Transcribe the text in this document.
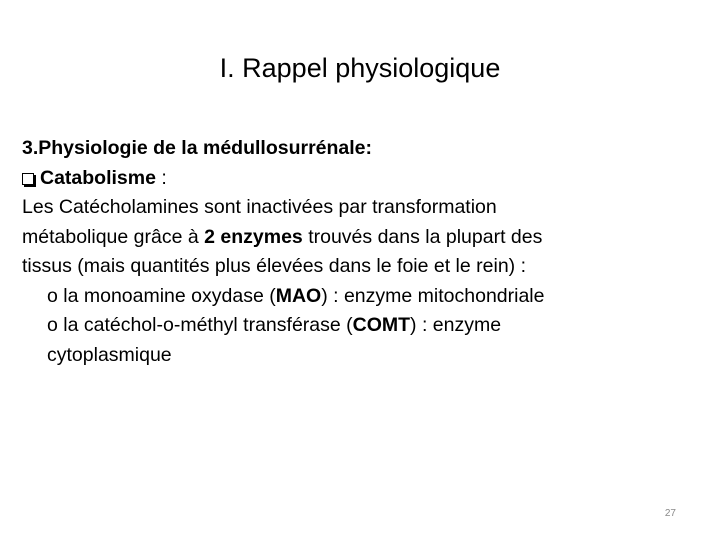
I. Rappel physiologique
3.Physiologie de la médullosurrénale:
Catabolisme :
Les Catécholamines sont inactivées par transformation
métabolique grâce à 2 enzymes trouvés dans la plupart des
tissus (mais quantités plus élevées dans le foie et le rein) :
o la monoamine oxydase (MAO) : enzyme mitochondriale
o la catéchol-o-méthyl transférase (COMT) : enzyme
cytoplasmique
27
